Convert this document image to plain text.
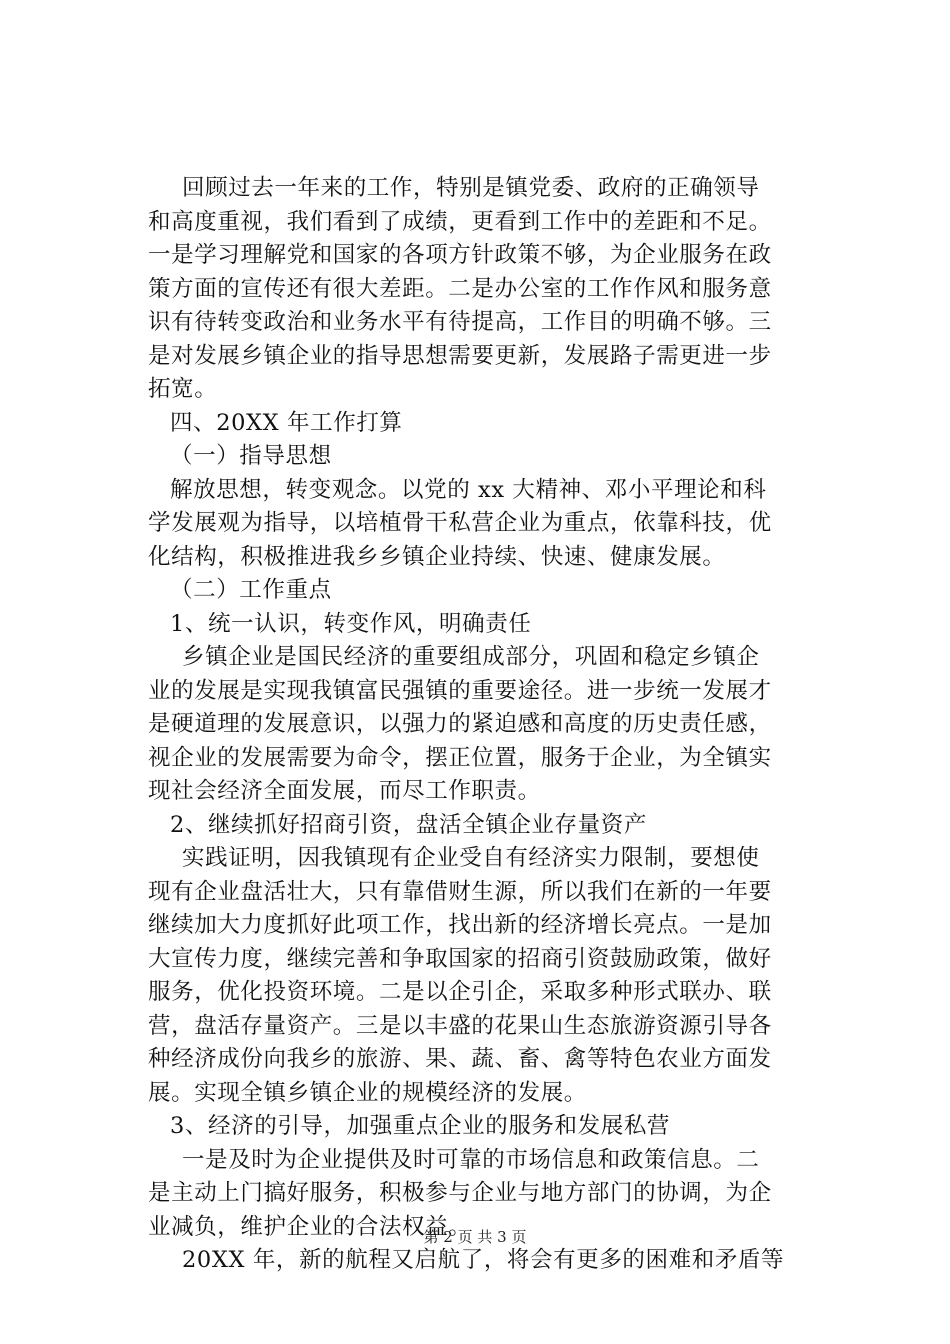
回顾过去一年来的工作，特别是镇党委、政府的正确领导
和高度重视，我们看到了成绩，更看到工作中的差距和不足。
一是学习理解党和国家的各项方针政策不够，为企业服务在政
策方面的宣传还有很大差距。二是办公室的工作作风和服务意
识有待转变政治和业务水平有待提高，工作目的明确不够。三
是对发展乡镇企业的指导思想需要更新，发展路子需更进一步
拓宽。
四、20XX 年工作打算
（一）指导思想
解放思想，转变观念。以党的 xx 大精神、邓小平理论和科
学发展观为指导，以培植骨干私营企业为重点，依靠科技，优
化结构，积极推进我乡乡镇企业持续、快速、健康发展。
（二）工作重点
1、统一认识，转变作风，明确责任
乡镇企业是国民经济的重要组成部分，巩固和稳定乡镇企
业的发展是实现我镇富民强镇的重要途径。进一步统一发展才
是硬道理的发展意识，以强力的紧迫感和高度的历史责任感，
视企业的发展需要为命令，摆正位置，服务于企业，为全镇实
现社会经济全面发展，而尽工作职责。
2、继续抓好招商引资，盘活全镇企业存量资产
实践证明，因我镇现有企业受自有经济实力限制，要想使
现有企业盘活壮大，只有靠借财生源，所以我们在新的一年要
继续加大力度抓好此项工作，找出新的经济增长亮点。一是加
大宣传力度，继续完善和争取国家的招商引资鼓励政策，做好
服务，优化投资环境。二是以企引企，采取多种形式联办、联
营，盘活存量资产。三是以丰盛的花果山生态旅游资源引导各
种经济成份向我乡的旅游、果、蔬、畜、禽等特色农业方面发
展。实现全镇乡镇企业的规模经济的发展。
3、经济的引导，加强重点企业的服务和发展私营
一是及时为企业提供及时可靠的市场信息和政策信息。二
是主动上门搞好服务，积极参与企业与地方部门的协调，为企
业减负，维护企业的合法权益。
20XX 年，新的航程又启航了，将会有更多的困难和矛盾等
第 2 页 共 3 页
